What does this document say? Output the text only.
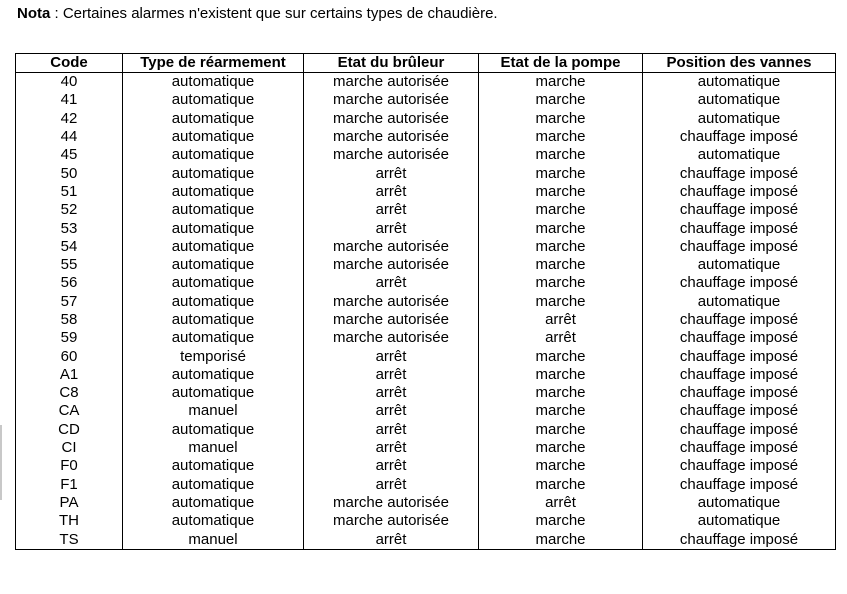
Nota : Certaines alarmes n'existent que sur certains types de chaudière.
Code	Type de réarmement	Etat du brûleur	Etat de la pompe	Position des vannes
40	automatique	marche autorisée	marche	automatique
41	automatique	marche autorisée	marche	automatique
42	automatique	marche autorisée	marche	automatique
44	automatique	marche autorisée	marche	chauffage imposé
45	automatique	marche autorisée	marche	automatique
50	automatique	arrêt	marche	chauffage imposé
51	automatique	arrêt	marche	chauffage imposé
52	automatique	arrêt	marche	chauffage imposé
53	automatique	arrêt	marche	chauffage imposé
54	automatique	marche autorisée	marche	chauffage imposé
55	automatique	marche autorisée	marche	automatique
56	automatique	arrêt	marche	chauffage imposé
57	automatique	marche autorisée	marche	automatique
58	automatique	marche autorisée	arrêt	chauffage imposé
59	automatique	marche autorisée	arrêt	chauffage imposé
60	temporisé	arrêt	marche	chauffage imposé
A1	automatique	arrêt	marche	chauffage imposé
C8	automatique	arrêt	marche	chauffage imposé
CA	manuel	arrêt	marche	chauffage imposé
CD	automatique	arrêt	marche	chauffage imposé
CI	manuel	arrêt	marche	chauffage imposé
F0	automatique	arrêt	marche	chauffage imposé
F1	automatique	arrêt	marche	chauffage imposé
PA	automatique	marche autorisée	arrêt	automatique
TH	automatique	marche autorisée	marche	automatique
TS	manuel	arrêt	marche	chauffage imposé
